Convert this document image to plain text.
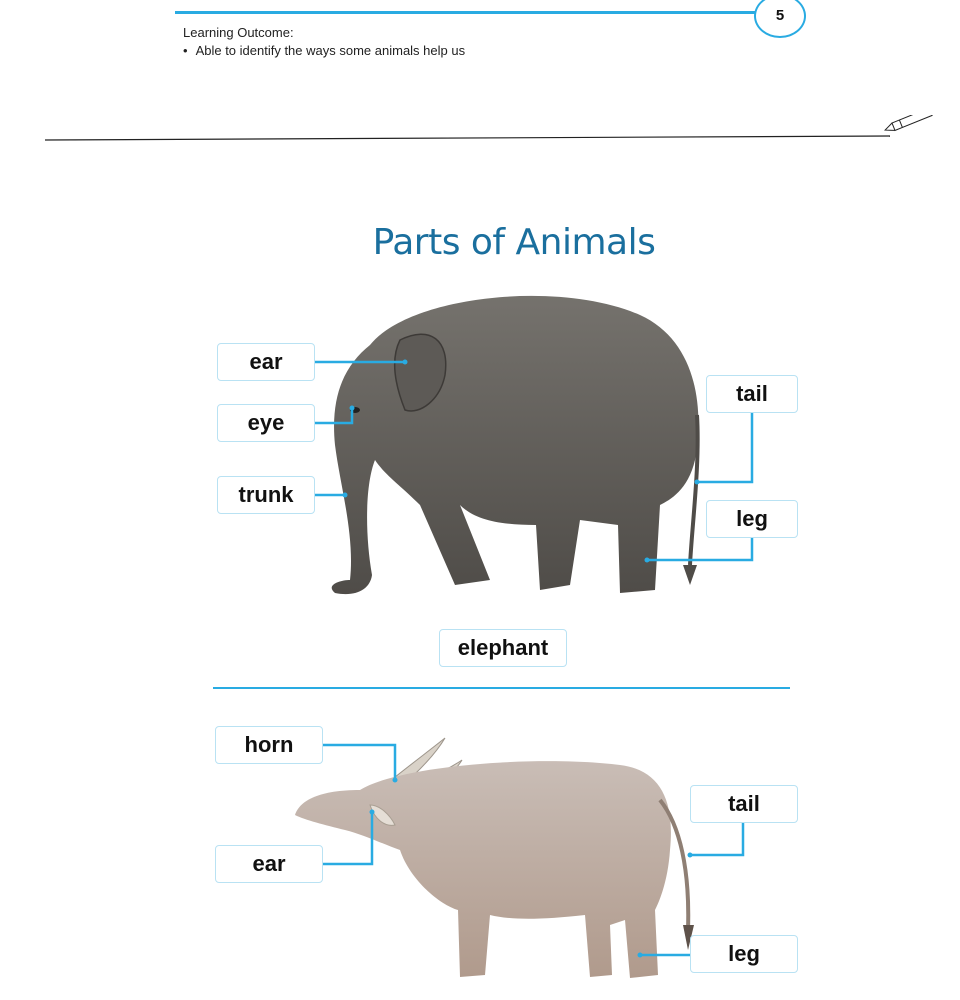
5
Learning Outcome:
• Able to identify the ways some animals help us
Parts of Animals
ear
eye
trunk
tail
leg
elephant
horn
ear
tail
leg
